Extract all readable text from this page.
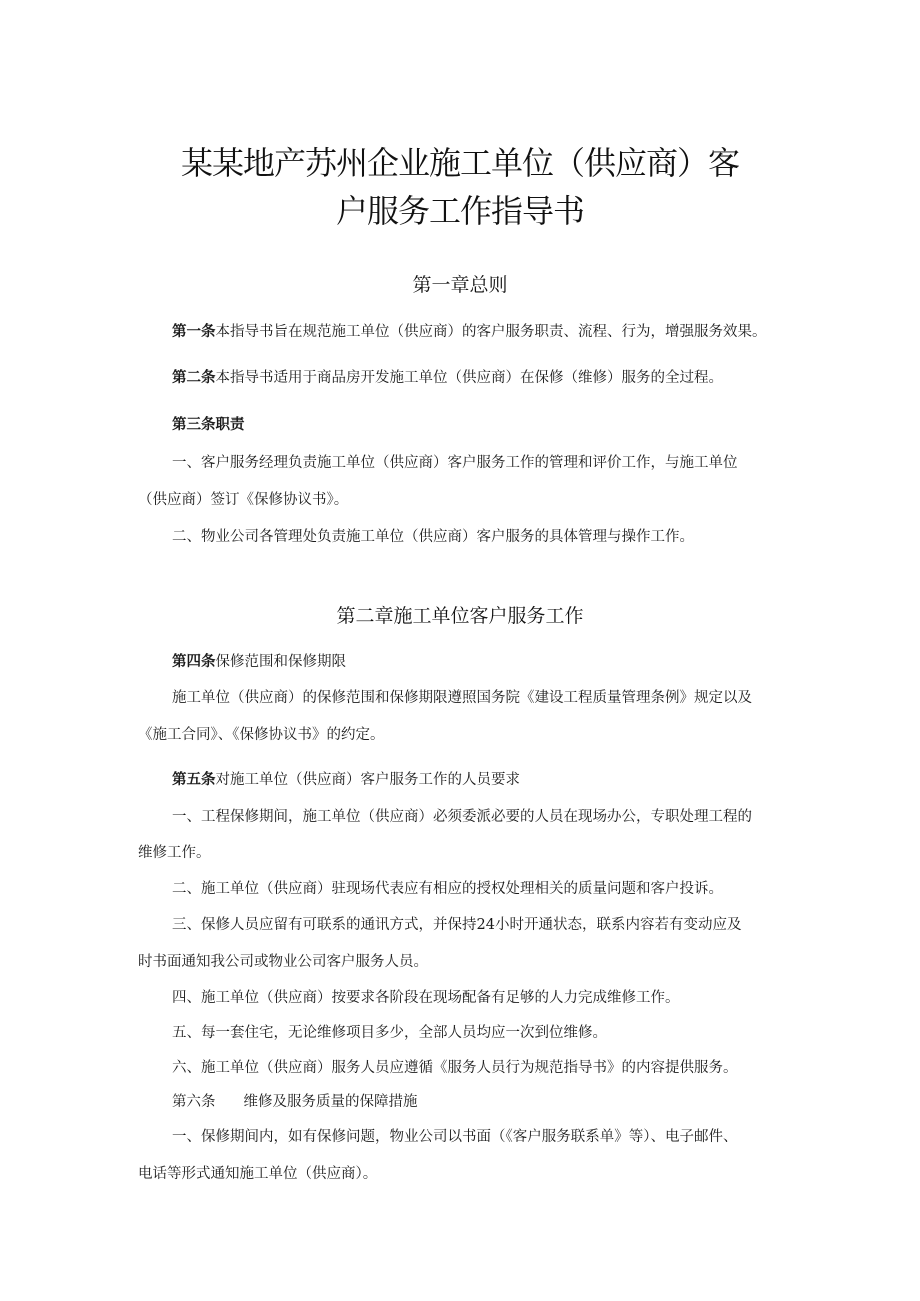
某某地产苏州企业施工单位（供应商）客
户服务工作指导书
第一章总则
第一条本指导书旨在规范施工单位（供应商）的客户服务职责、流程、行为，增强服务效果。
第二条本指导书适用于商品房开发施工单位（供应商）在保修（维修）服务的全过程。
第三条职责
一、客户服务经理负责施工单位（供应商）客户服务工作的管理和评价工作，与施工单位
（供应商）签订《保修协议书》。
二、物业公司各管理处负责施工单位（供应商）客户服务的具体管理与操作工作。
第二章施工单位客户服务工作
第四条保修范围和保修期限
施工单位（供应商）的保修范围和保修期限遵照国务院《建设工程质量管理条例》规定以及
《施工合同》、《保修协议书》的约定。
第五条对施工单位（供应商）客户服务工作的人员要求
一、工程保修期间，施工单位（供应商）必须委派必要的人员在现场办公，专职处理工程的
维修工作。
二、施工单位（供应商）驻现场代表应有相应的授权处理相关的质量问题和客户投诉。
三、保修人员应留有可联系的通讯方式，并保持24小时开通状态，联系内容若有变动应及
时书面通知我公司或物业公司客户服务人员。
四、施工单位（供应商）按要求各阶段在现场配备有足够的人力完成维修工作。
五、每一套住宅，无论维修项目多少，全部人员均应一次到位维修。
六、施工单位（供应商）服务人员应遵循《服务人员行为规范指导书》的内容提供服务。
第六条 维修及服务质量的保障措施
一、保修期间内，如有保修问题，物业公司以书面（《客户服务联系单》等）、电子邮件、
电话等形式通知施工单位（供应商）。
